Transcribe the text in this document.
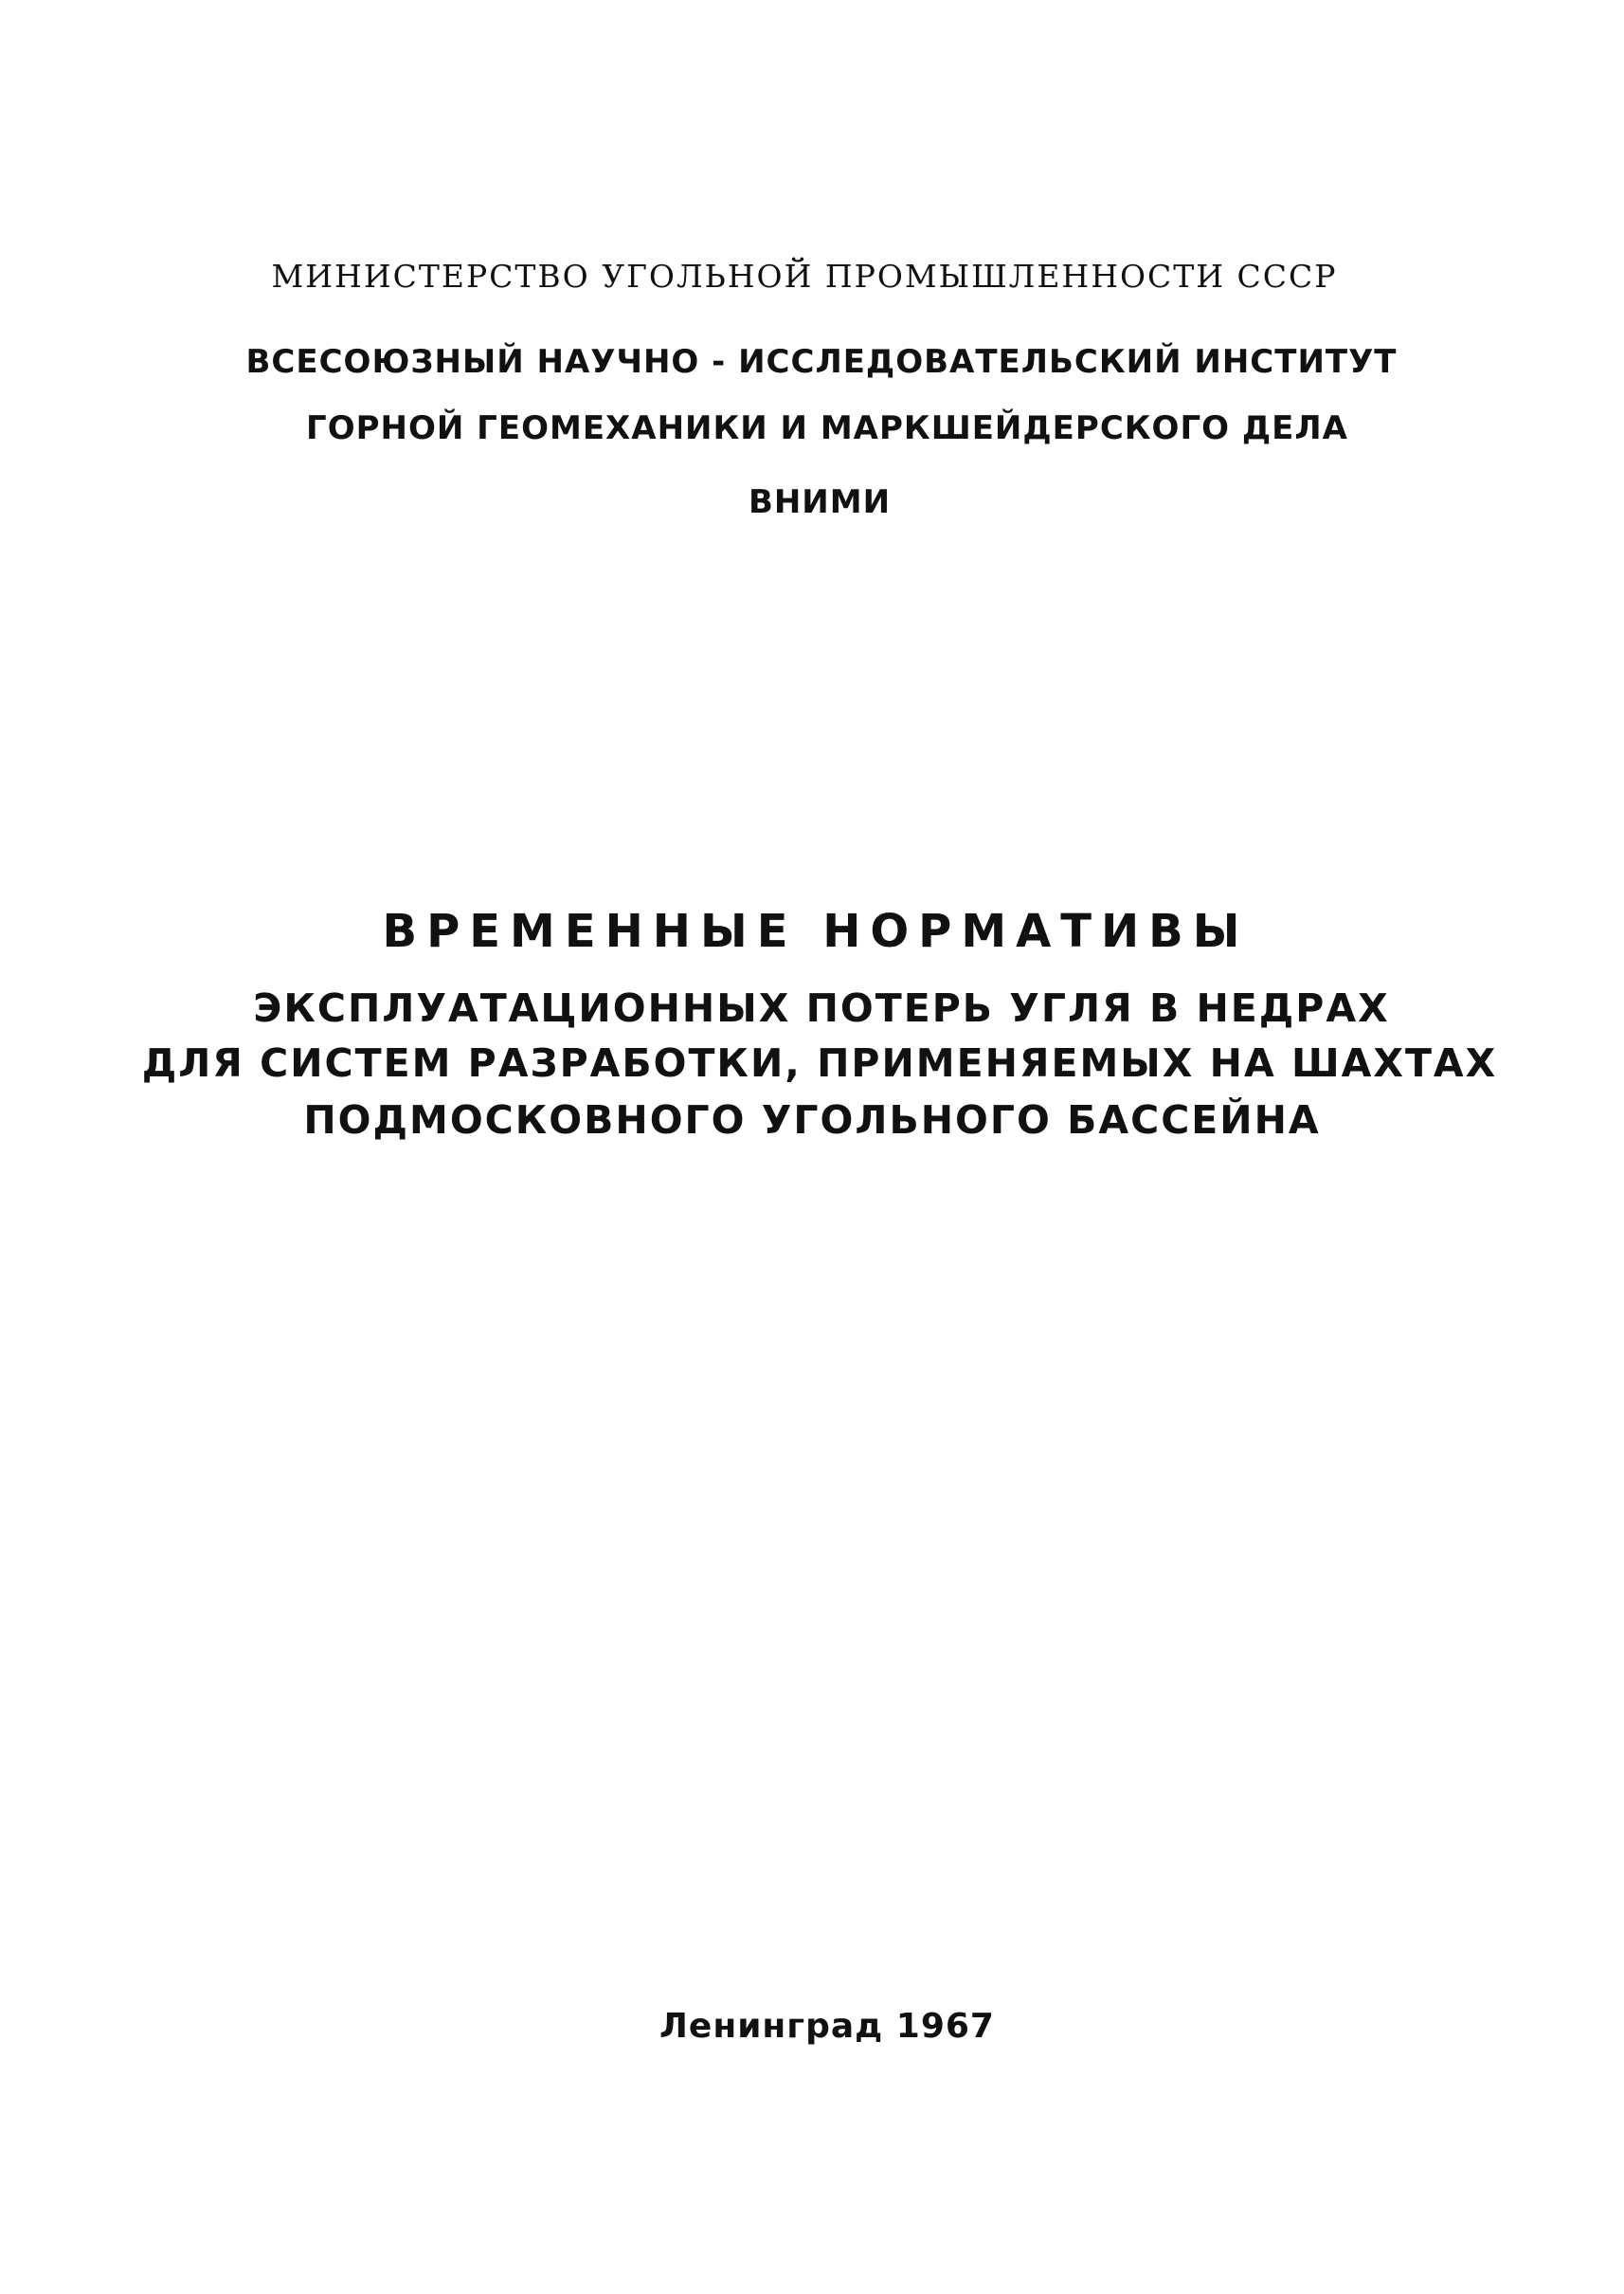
МИНИСТЕРСТВО УГОЛЬНОЙ ПРОМЫШЛЕННОСТИ СССР
ВСЕСОЮЗНЫЙ НАУЧНО - ИССЛЕДОВАТЕЛЬСКИЙ ИНСТИТУТ
ГОРНОЙ ГЕОМЕХАНИКИ И МАРКШЕЙДЕРСКОГО ДЕЛА
ВНИМИ
ВРЕМЕННЫЕ НОРМАТИВЫ
ЭКСПЛУАТАЦИОННЫХ ПОТЕРЬ УГЛЯ В НЕДРАХ
ДЛЯ СИСТЕМ РАЗРАБОТКИ, ПРИМЕНЯЕМЫХ НА ШАХТАХ
ПОДМОСКОВНОГО УГОЛЬНОГО БАССЕЙНА
Ленинград 1967
